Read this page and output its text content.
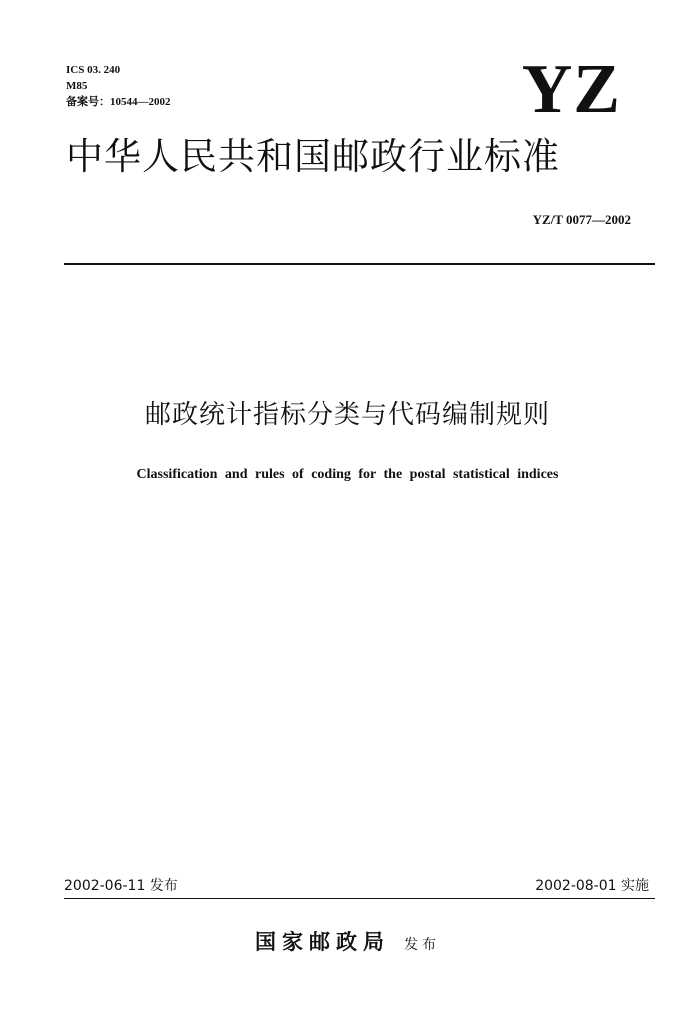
ICS 03. 240
M85
备案号：10544—2002	YZ
中华人民共和国邮政行业标准
YZ/T 0077—2002
邮政统计指标分类与代码编制规则
Classification and rules of coding for the postal statistical indices
2002-06-11 发布	2002-08-01 实施
国家邮政局 发布
